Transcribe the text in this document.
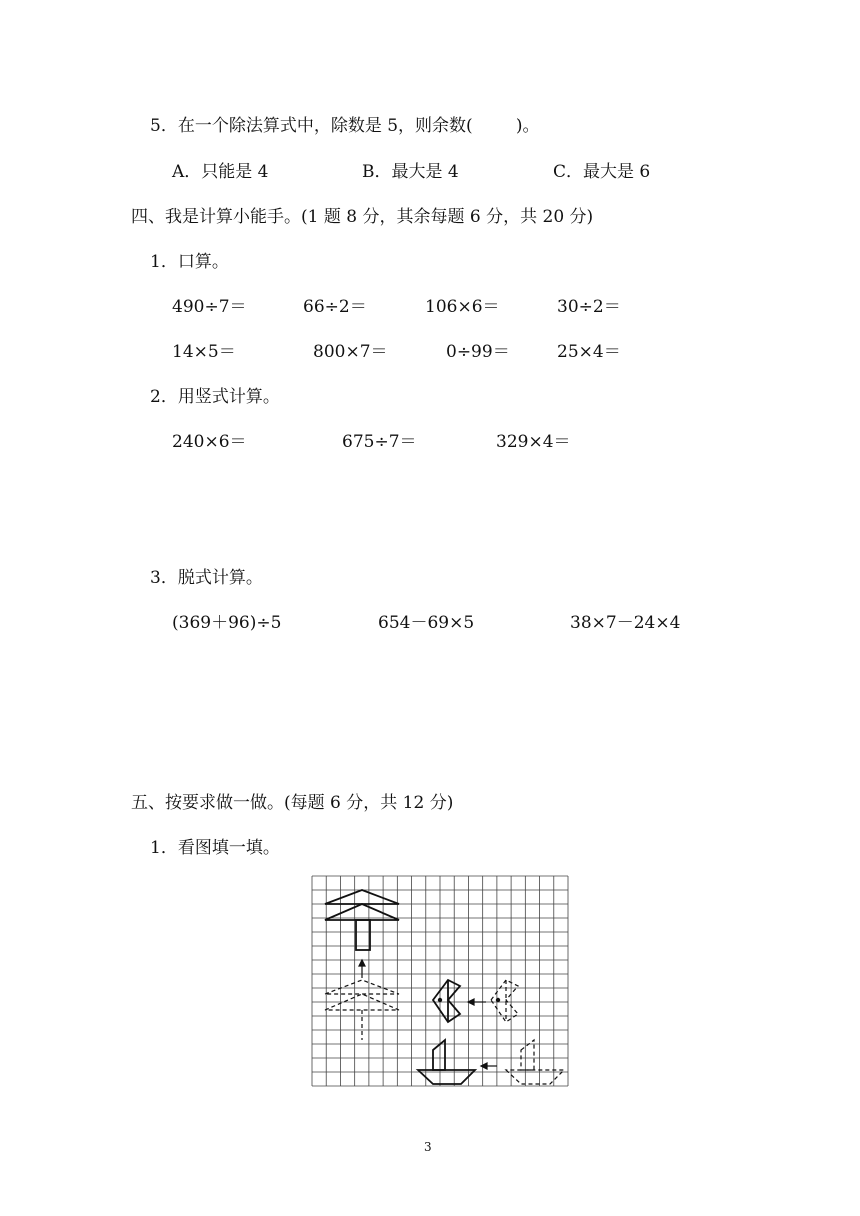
5．在一个除法算式中，除数是 5，则余数(        )。
A．只能是 4	B．最大是 4	C．最大是 6
四、我是计算小能手。(1 题 8 分，其余每题 6 分，共 20 分)
1．口算。
490÷7＝	66÷2＝	106×6＝	30÷2＝
14×5＝	800×7＝	0÷99＝	25×4＝
2．用竖式计算。
240×6＝	675÷7＝	329×4＝
3．脱式计算。
(369＋96)÷5	654－69×5	38×7－24×4
五、按要求做一做。(每题 6 分，共 12 分)
1．看图填一填。
3
